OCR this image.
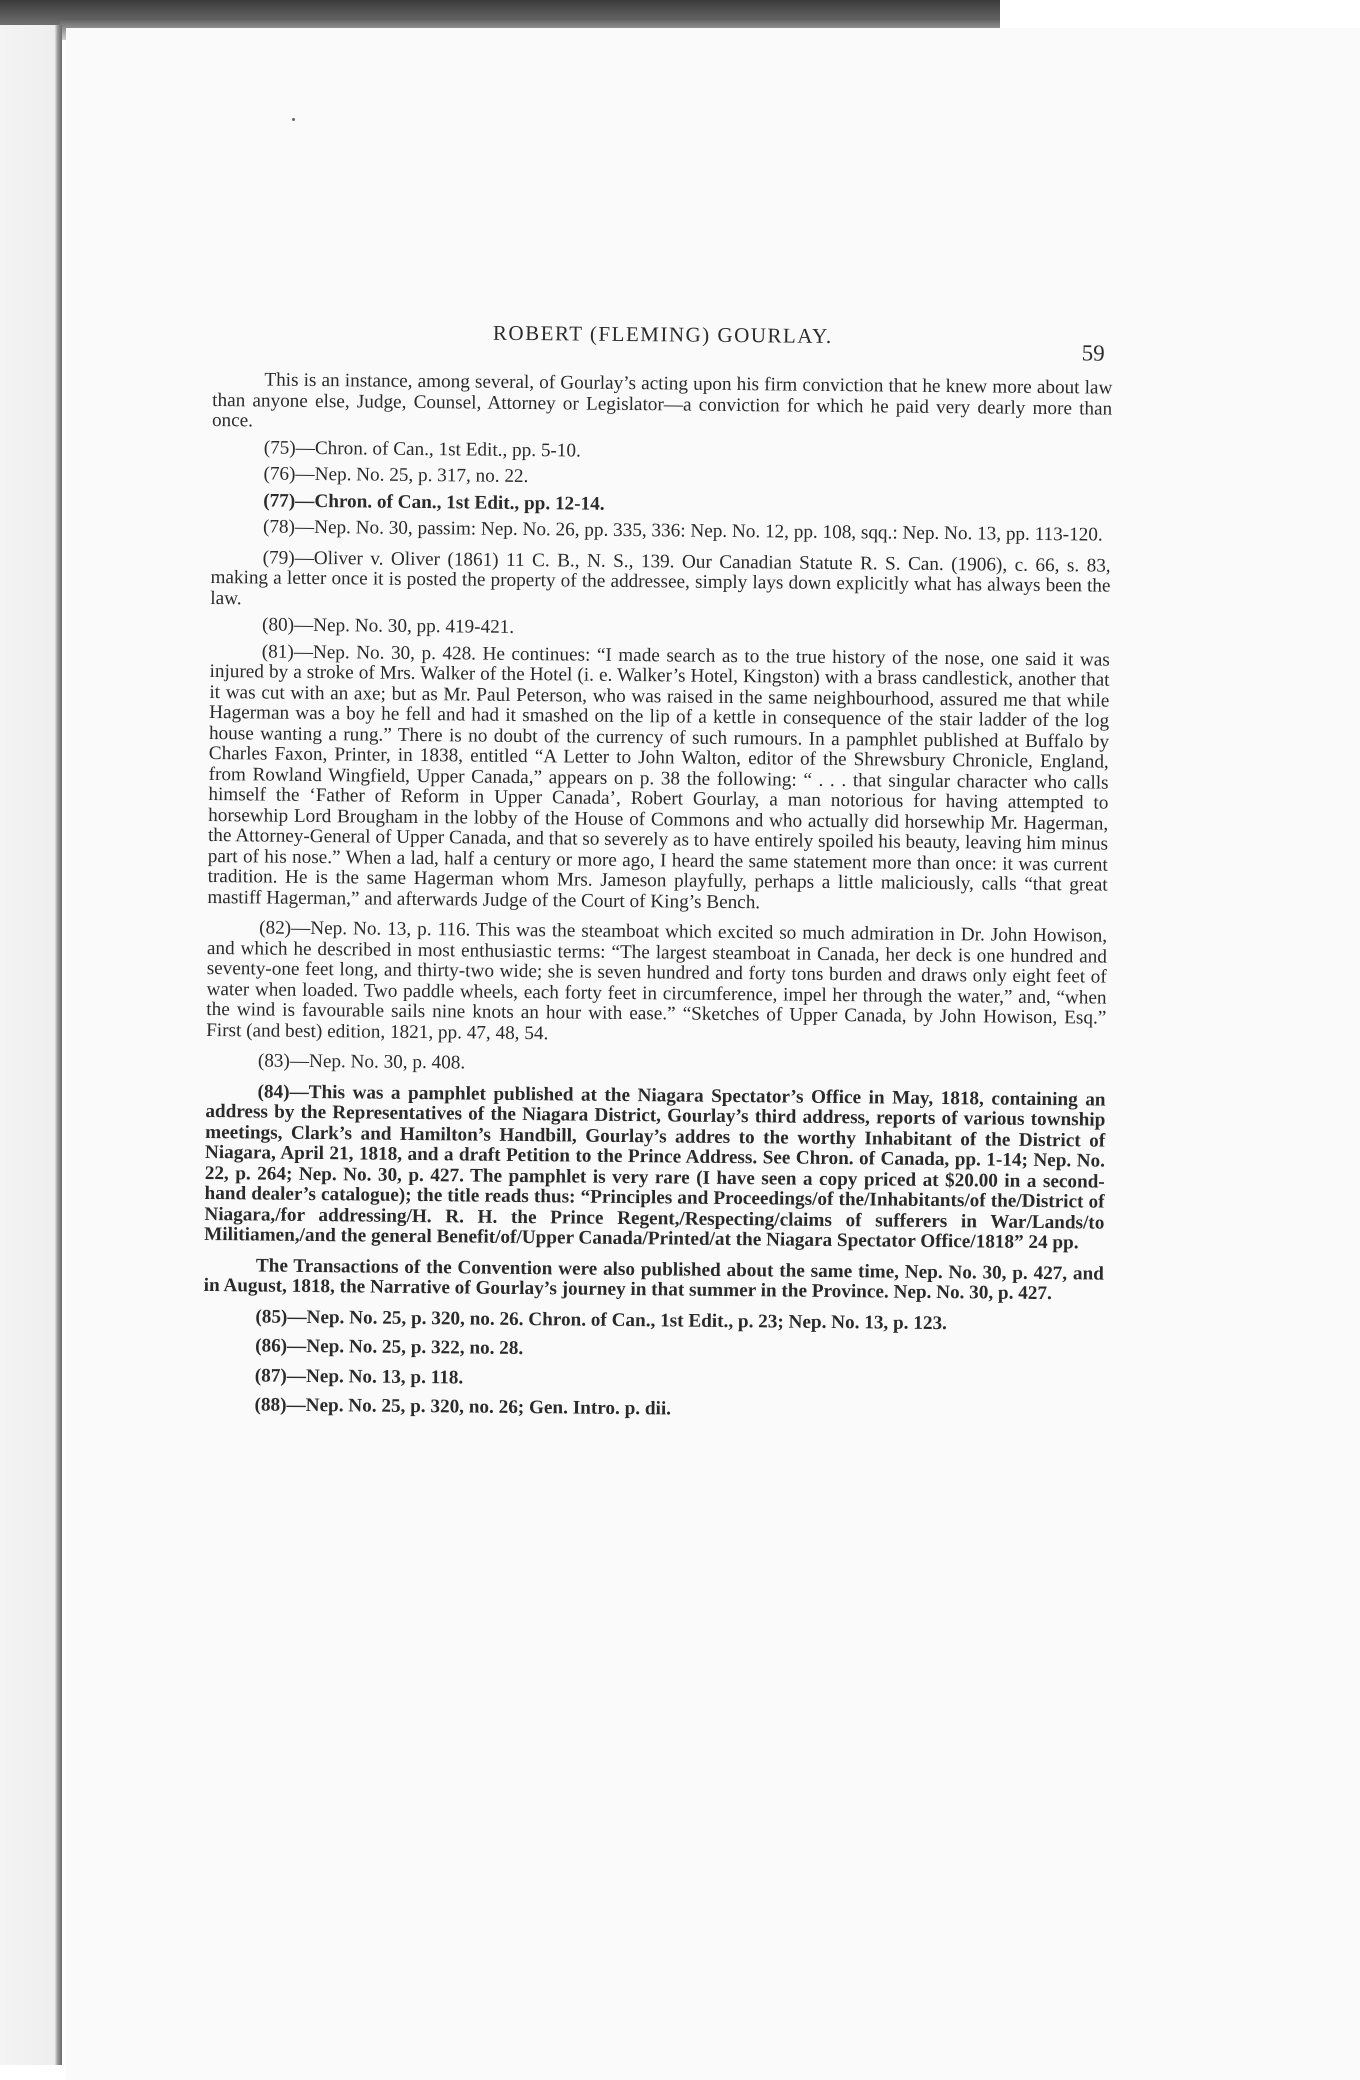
ROBERT (FLEMING) GOURLAY.
59

This is an instance, among several, of Gourlay’s acting upon his firm conviction that he knew more about law than anyone else, Judge, Counsel, Attorney or Legislator—a conviction for which he paid very dearly more than once.

(75)—Chron. of Can., 1st Edit., pp. 5-10.

(76)—Nep. No. 25, p. 317, no. 22.

(77)—Chron. of Can., 1st Edit., pp. 12-14.

(78)—Nep. No. 30, passim: Nep. No. 26, pp. 335, 336: Nep. No. 12, pp. 108, sqq.: Nep. No. 13, pp. 113-120.

(79)—Oliver v. Oliver (1861) 11 C. B., N. S., 139. Our Canadian Statute R. S. Can. (1906), c. 66, s. 83, making a letter once it is posted the property of the addressee, simply lays down explicitly what has always been the law.

(80)—Nep. No. 30, pp. 419-421.

(81)—Nep. No. 30, p. 428. He continues: “I made search as to the true history of the nose, one said it was injured by a stroke of Mrs. Walker of the Hotel (i. e. Walker’s Hotel, Kingston) with a brass candlestick, another that it was cut with an axe; but as Mr. Paul Peterson, who was raised in the same neighbourhood, assured me that while Hagerman was a boy he fell and had it smashed on the lip of a kettle in consequence of the stair ladder of the log house wanting a rung.” There is no doubt of the currency of such rumours. In a pamphlet published at Buffalo by Charles Faxon, Printer, in 1838, entitled “A Letter to John Walton, editor of the Shrewsbury Chronicle, England, from Rowland Wingfield, Upper Canada,” appears on p. 38 the following: “ . . . that singular character who calls himself the ‘Father of Reform in Upper Canada’, Robert Gourlay, a man notorious for having attempted to horsewhip Lord Brougham in the lobby of the House of Commons and who actually did horsewhip Mr. Hagerman, the Attorney-General of Upper Canada, and that so severely as to have entirely spoiled his beauty, leaving him minus part of his nose.” When a lad, half a century or more ago, I heard the same statement more than once: it was current tradition. He is the same Hagerman whom Mrs. Jameson playfully, perhaps a little maliciously, calls “that great mastiff Hagerman,” and afterwards Judge of the Court of King’s Bench.

(82)—Nep. No. 13, p. 116. This was the steamboat which excited so much admiration in Dr. John Howison, and which he described in most enthusiastic terms: “The largest steamboat in Canada, her deck is one hundred and seventy-one feet long, and thirty-two wide; she is seven hundred and forty tons burden and draws only eight feet of water when loaded. Two paddle wheels, each forty feet in circumference, impel her through the water,” and, “when the wind is favourable sails nine knots an hour with ease.” “Sketches of Upper Canada, by John Howison, Esq.” First (and best) edition, 1821, pp. 47, 48, 54.

(83)—Nep. No. 30, p. 408.

(84)—This was a pamphlet published at the Niagara Spectator’s Office in May, 1818, containing an address by the Representatives of the Niagara District, Gourlay’s third address, reports of various township meetings, Clark’s and Hamilton’s Handbill, Gourlay’s addres to the worthy Inhabitant of the District of Niagara, April 21, 1818, and a draft Petition to the Prince Address. See Chron. of Canada, pp. 1-14; Nep. No. 22, p. 264; Nep. No. 30, p. 427. The pamphlet is very rare (I have seen a copy priced at $20.00 in a second-hand dealer’s catalogue); the title reads thus: “Principles and Proceedings/of the/Inhabitants/of the/District of Niagara,/for addressing/H. R. H. the Prince Regent,/Respecting/claims of sufferers in War/Lands/to Militiamen,/and the general Benefit/of/Upper Canada/Printed/at the Niagara Spectator Office/1818” 24 pp.

The Transactions of the Convention were also published about the same time, Nep. No. 30, p. 427, and in August, 1818, the Narrative of Gourlay’s journey in that summer in the Province. Nep. No. 30, p. 427.

(85)—Nep. No. 25, p. 320, no. 26. Chron. of Can., 1st Edit., p. 23; Nep. No. 13, p. 123.

(86)—Nep. No. 25, p. 322, no. 28.

(87)—Nep. No. 13, p. 118.

(88)—Nep. No. 25, p. 320, no. 26; Gen. Intro. p. dii.
